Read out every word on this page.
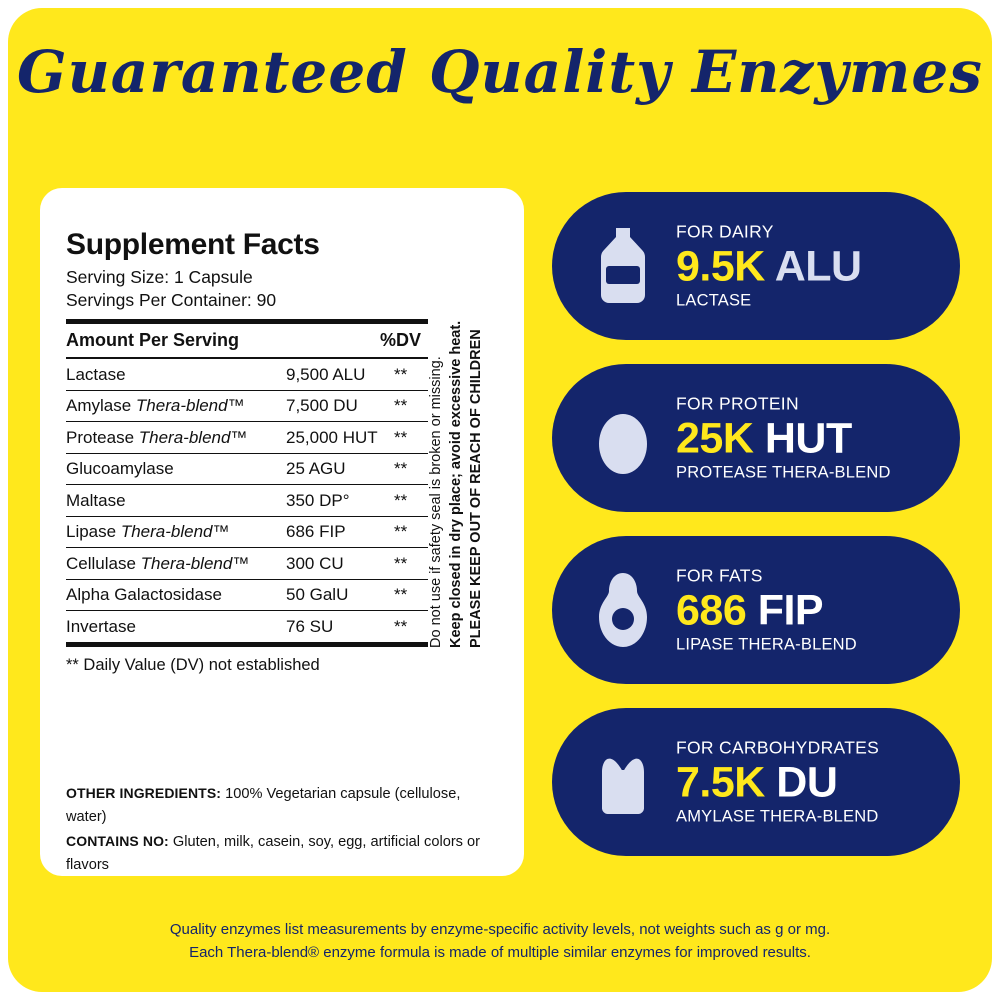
Guaranteed Quality Enzymes
Supplement Facts
Serving Size: 1 Capsule
Servings Per Container: 90
Amount Per Serving	%DV
Lactase	9,500 ALU	**
Amylase Thera-blend™	7,500 DU	**
Protease Thera-blend™	25,000 HUT **
Glucoamylase	25 AGU	**
Maltase	350 DP°	**
Lipase Thera-blend™	686 FIP	**
Cellulase Thera-blend™	300 CU	**
Alpha Galactosidase	50 GalU	**
Invertase	76 SU	**
** Daily Value (DV) not established
Do not use if safety seal is broken or missing. Keep closed in dry place; avoid excessive heat. PLEASE KEEP OUT OF REACH OF CHILDREN
OTHER INGREDIENTS: 100% Vegetarian capsule (cellulose, water)
CONTAINS NO: Gluten, milk, casein, soy, egg, artificial colors or flavors
FOR DAIRY
9.5K ALU
LACTASE
FOR PROTEIN
25K HUT
PROTEASE THERA-BLEND
FOR FATS
686 FIP
LIPASE THERA-BLEND
FOR CARBOHYDRATES
7.5K DU
AMYLASE THERA-BLEND
Quality enzymes list measurements by enzyme-specific activity levels, not weights such as g or mg.
Each Thera-blend® enzyme formula is made of multiple similar enzymes for improved results.
